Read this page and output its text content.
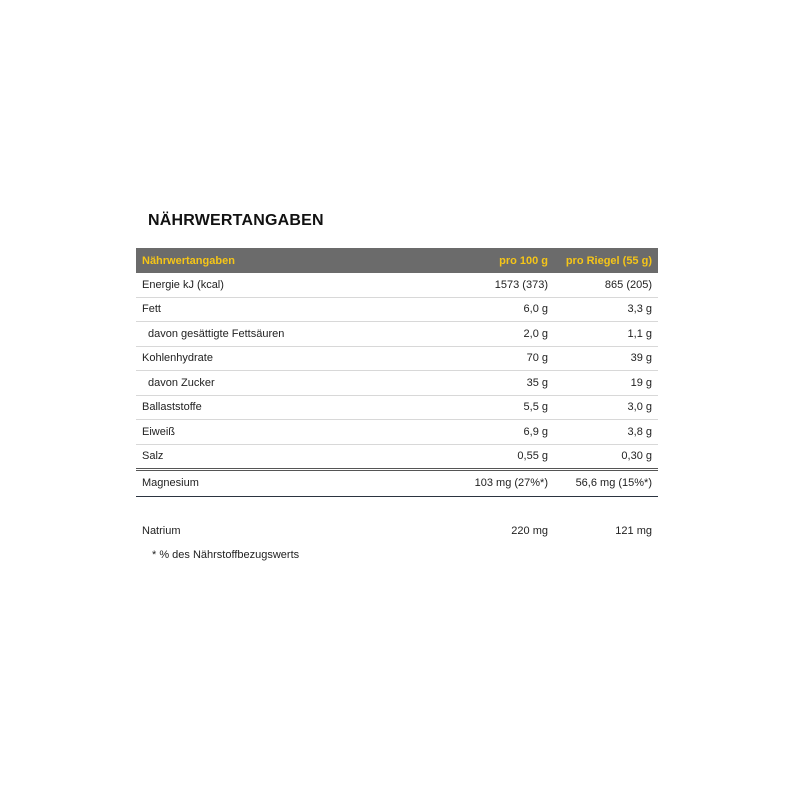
NÄHRWERTANGABEN
Nährwertangaben	pro 100 g	pro Riegel (55 g)
Energie kJ (kcal)	1573 (373)	865 (205)
Fett	6,0 g	3,3 g
davon gesättigte Fettsäuren	2,0 g	1,1 g
Kohlenhydrate	70 g	39 g
davon Zucker	35 g	19 g
Ballaststoffe	5,5 g	3,0 g
Eiweiß	6,9 g	3,8 g
Salz	0,55 g	0,30 g
Magnesium	103 mg (27%*)	56,6 mg (15%*)
Natrium	220 mg	121 mg
* % des Nährstoffbezugswerts
